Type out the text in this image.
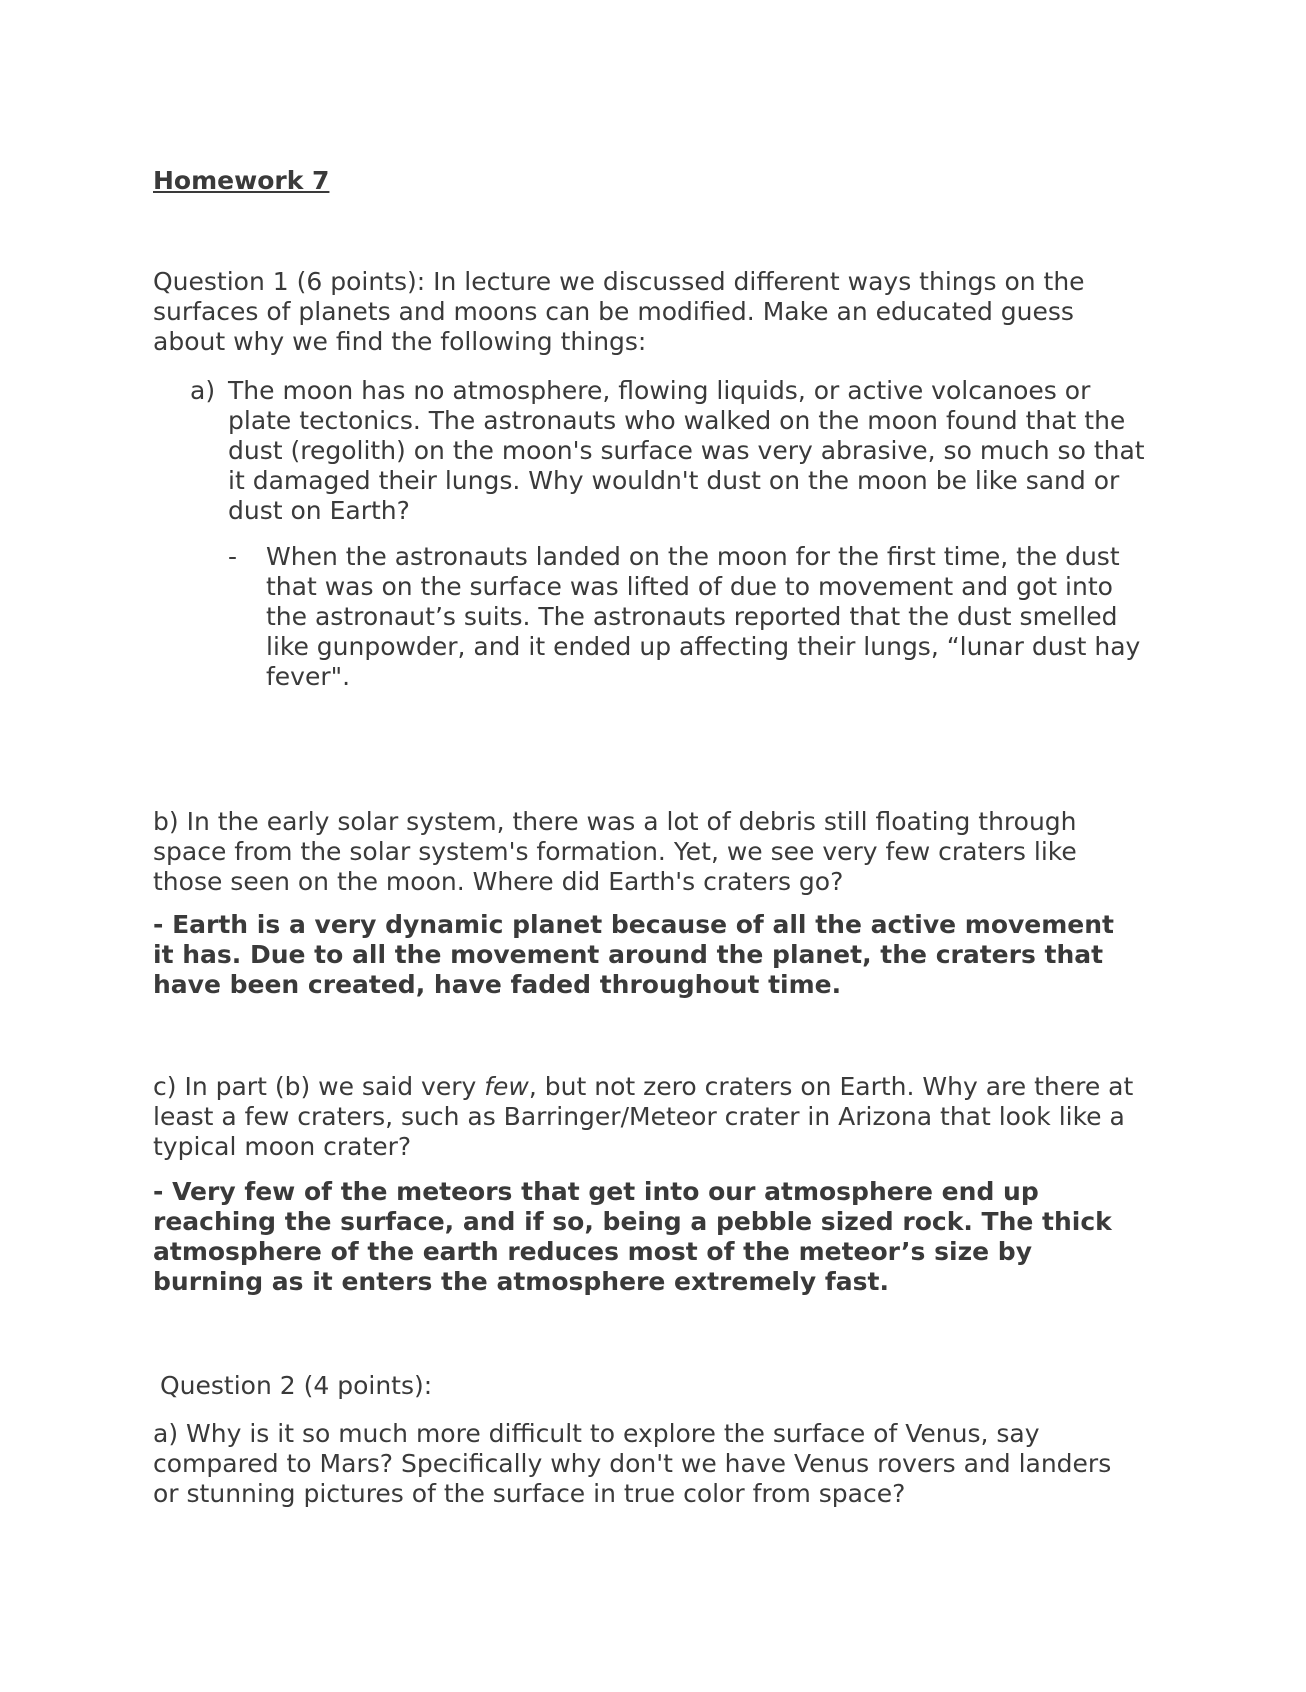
Homework 7

Question 1 (6 points): In lecture we discussed different ways things on the surfaces of planets and moons can be modified. Make an educated guess about why we find the following things:

a) The moon has no atmosphere, flowing liquids, or active volcanoes or plate tectonics. The astronauts who walked on the moon found that the dust (regolith) on the moon's surface was very abrasive, so much so that it damaged their lungs. Why wouldn't dust on the moon be like sand or dust on Earth?
-	When the astronauts landed on the moon for the first time, the dust that was on the surface was lifted of due to movement and got into the astronaut’s suits. The astronauts reported that the dust smelled like gunpowder, and it ended up affecting their lungs, “lunar dust hay fever".

b) In the early solar system, there was a lot of debris still floating through space from the solar system's formation. Yet, we see very few craters like those seen on the moon. Where did Earth's craters go?

- Earth is a very dynamic planet because of all the active movement it has. Due to all the movement around the planet, the craters that have been created, have faded throughout time.

c) In part (b) we said very few, but not zero craters on Earth. Why are there at least a few craters, such as Barringer/Meteor crater in Arizona that look like a typical moon crater?

- Very few of the meteors that get into our atmosphere end up reaching the surface, and if so, being a pebble sized rock. The thick atmosphere of the earth reduces most of the meteor’s size by burning as it enters the atmosphere extremely fast.

Question 2 (4 points):

a) Why is it so much more difficult to explore the surface of Venus, say compared to Mars? Specifically why don't we have Venus rovers and landers or stunning pictures of the surface in true color from space?
